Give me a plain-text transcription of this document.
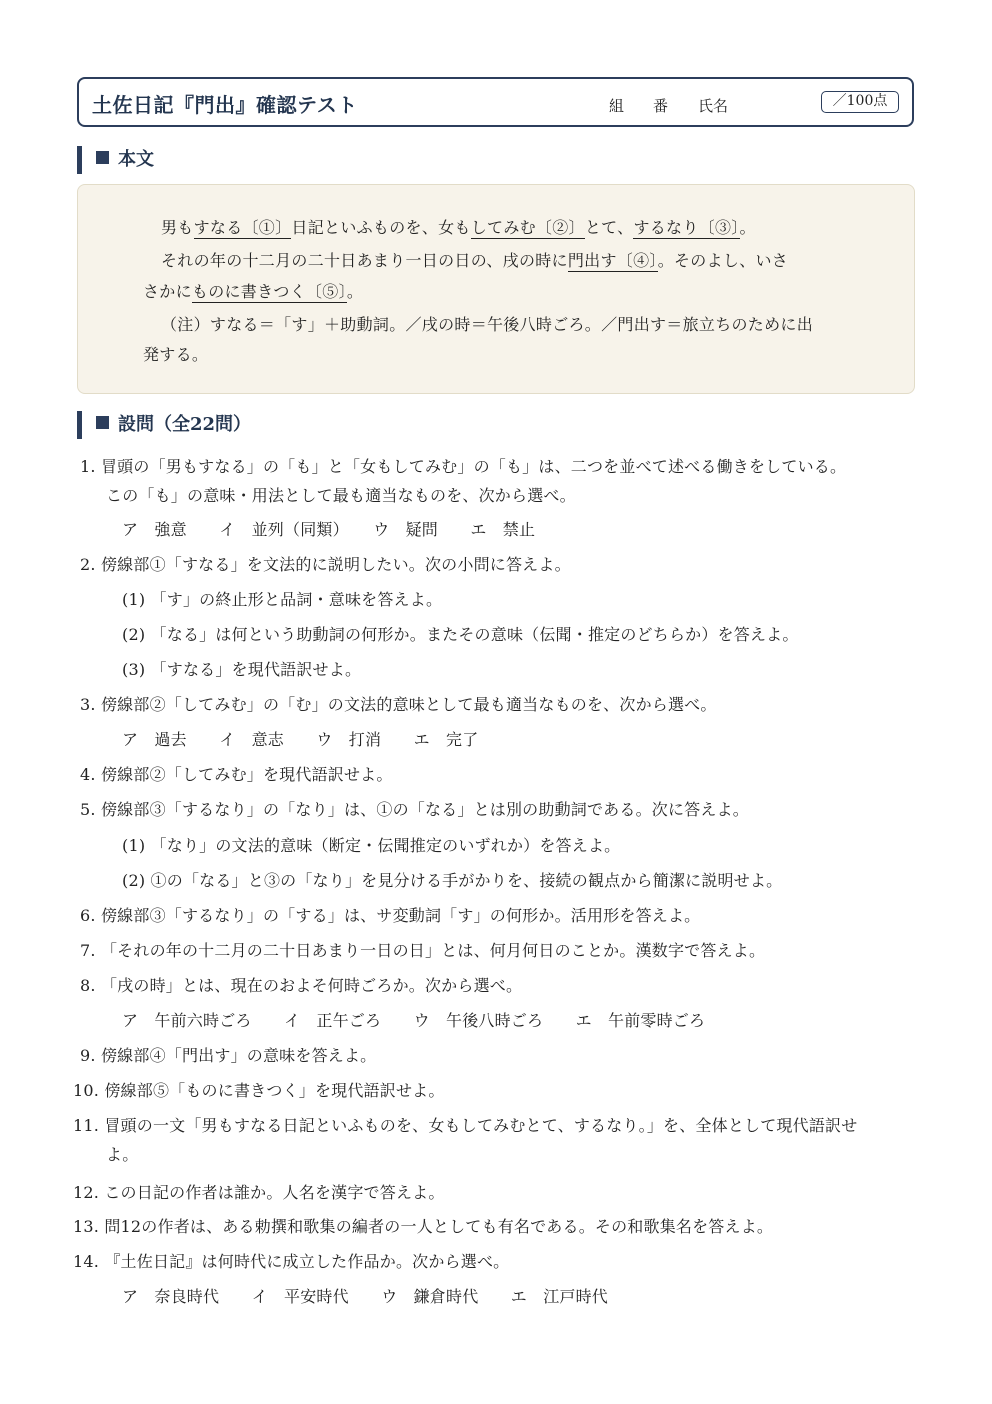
土佐日記『門出』確認テスト	組 番 氏名	／100点
本文
男もすなる〔①〕日記といふものを、女もしてみむ〔②〕とて、するなり〔③〕。
それの年の十二月の二十日あまり一日の日の、戌の時に門出す〔④〕。そのよし、いさ
さかにものに書きつく〔⑤〕。
（注）すなる＝「す」＋助動詞。／戌の時＝午後八時ごろ。／門出す＝旅立ちのために出
発する。
設問（全22問）
1. 冒頭の「男もすなる」の「も」と「女もしてみむ」の「も」は、二つを並べて述べる働きをしている。
この「も」の意味・用法として最も適当なものを、次から選べ。
ア　強意　　イ　並列（同類）　　ウ　疑問　　エ　禁止
2. 傍線部①「すなる」を文法的に説明したい。次の小問に答えよ。
(1) 「す」の終止形と品詞・意味を答えよ。
(2) 「なる」は何という助動詞の何形か。またその意味（伝聞・推定のどちらか）を答えよ。
(3) 「すなる」を現代語訳せよ。
3. 傍線部②「してみむ」の「む」の文法的意味として最も適当なものを、次から選べ。
ア　過去　　イ　意志　　ウ　打消　　エ　完了
4. 傍線部②「してみむ」を現代語訳せよ。
5. 傍線部③「するなり」の「なり」は、①の「なる」とは別の助動詞である。次に答えよ。
(1) 「なり」の文法的意味（断定・伝聞推定のいずれか）を答えよ。
(2) ①の「なる」と③の「なり」を見分ける手がかりを、接続の観点から簡潔に説明せよ。
6. 傍線部③「するなり」の「する」は、サ変動詞「す」の何形か。活用形を答えよ。
7. 「それの年の十二月の二十日あまり一日の日」とは、何月何日のことか。漢数字で答えよ。
8. 「戌の時」とは、現在のおよそ何時ごろか。次から選べ。
ア　午前六時ごろ　　イ　正午ごろ　　ウ　午後八時ごろ　　エ　午前零時ごろ
9. 傍線部④「門出す」の意味を答えよ。
10. 傍線部⑤「ものに書きつく」を現代語訳せよ。
11. 冒頭の一文「男もすなる日記といふものを、女もしてみむとて、するなり。」を、全体として現代語訳せ
よ。
12. この日記の作者は誰か。人名を漢字で答えよ。
13. 問12の作者は、ある勅撰和歌集の編者の一人としても有名である。その和歌集名を答えよ。
14. 『土佐日記』は何時代に成立した作品か。次から選べ。
ア　奈良時代　　イ　平安時代　　ウ　鎌倉時代　　エ　江戸時代
